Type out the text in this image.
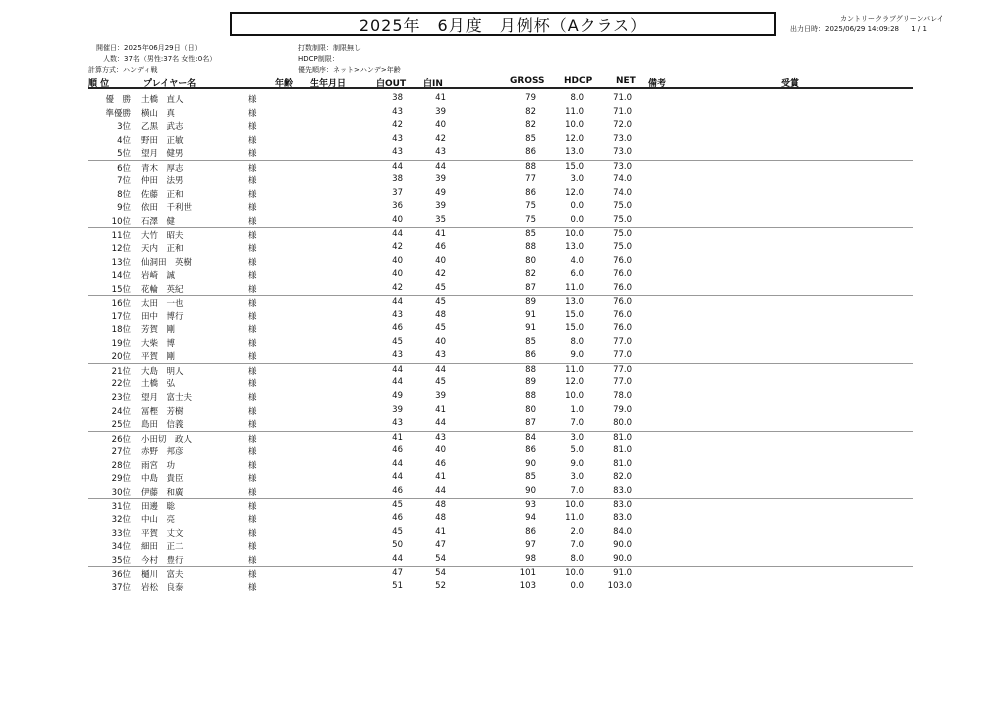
2025年　6月度　月例杯（Aクラス）	カントリークラブグリーンバレイ
出力日時：2025/06/29 14:09:28 1 / 1
開催日：2025年06月29日（日）
人数：37名（男性:37名 女性:0名）
計算方式：ハンディ戦
打数制限：制限無し
HDCP制限：
優先順序：ネット>ハンデ>年齢
順 位	プレイヤー名	年齢 生年月日	白OUT 白IN	GROSS HDCP	NET 備考	受賞
優　勝 土橋　直人	様	38	41	79	8.0	71.0
準優勝 横山　真	様	43	39	82	11.0	71.0
3位 乙黒　武志	様	42	40	82	10.0	72.0
4位 野田　正敏	様	43	42	85	12.0	73.0
5位 望月　健男	様	43	43	86	13.0	73.0
6位 青木　厚志	様	44	44	88	15.0	73.0
7位 仲田　法男	様	38	39	77	3.0	74.0
8位 佐藤　正和	様	37	49	86	12.0	74.0
9位 依田　千利世	様	36	39	75	0.0	75.0
10位 石澤　健	様	40	35	75	0.0	75.0
11位 大竹　昭夫	様	44	41	85	10.0	75.0
12位 天内　正和	様	42	46	88	13.0	75.0
13位 仙洞田　英樹	様	40	40	80	4.0	76.0
14位 岩崎　誠	様	40	42	82	6.0	76.0
15位 花輪　英紀	様	42	45	87	11.0	76.0
16位 太田　一也	様	44	45	89	13.0	76.0
17位 田中　博行	様	43	48	91	15.0	76.0
18位 芳賀　剛	様	46	45	91	15.0	76.0
19位 大柴　博	様	45	40	85	8.0	77.0
20位 平賀　剛	様	43	43	86	9.0	77.0
21位 大島　明人	様	44	44	88	11.0	77.0
22位 土橋　弘	様	44	45	89	12.0	77.0
23位 望月　富士夫	様	49	39	88	10.0	78.0
24位 冨樫　芳樹	様	39	41	80	1.0	79.0
25位 島田　信義	様	43	44	87	7.0	80.0
26位 小田切　政人	様	41	43	84	3.0	81.0
27位 赤野　邦彦	様	46	40	86	5.0	81.0
28位 雨宮　功	様	44	46	90	9.0	81.0
29位 中島　貴臣	様	44	41	85	3.0	82.0
30位 伊藤　和廣	様	46	44	90	7.0	83.0
31位 田邊　聡	様	45	48	93	10.0	83.0
32位 中山　亮	様	46	48	94	11.0	83.0
33位 平賀　丈文	様	45	41	86	2.0	84.0
34位 細田　正二	様	50	47	97	7.0	90.0
35位 今村　豊行	様	44	54	98	8.0	90.0
36位 樋川　富夫	様	47	54	101	10.0	91.0
37位 岩松　良泰	様	51	52	103	0.0	103.0
